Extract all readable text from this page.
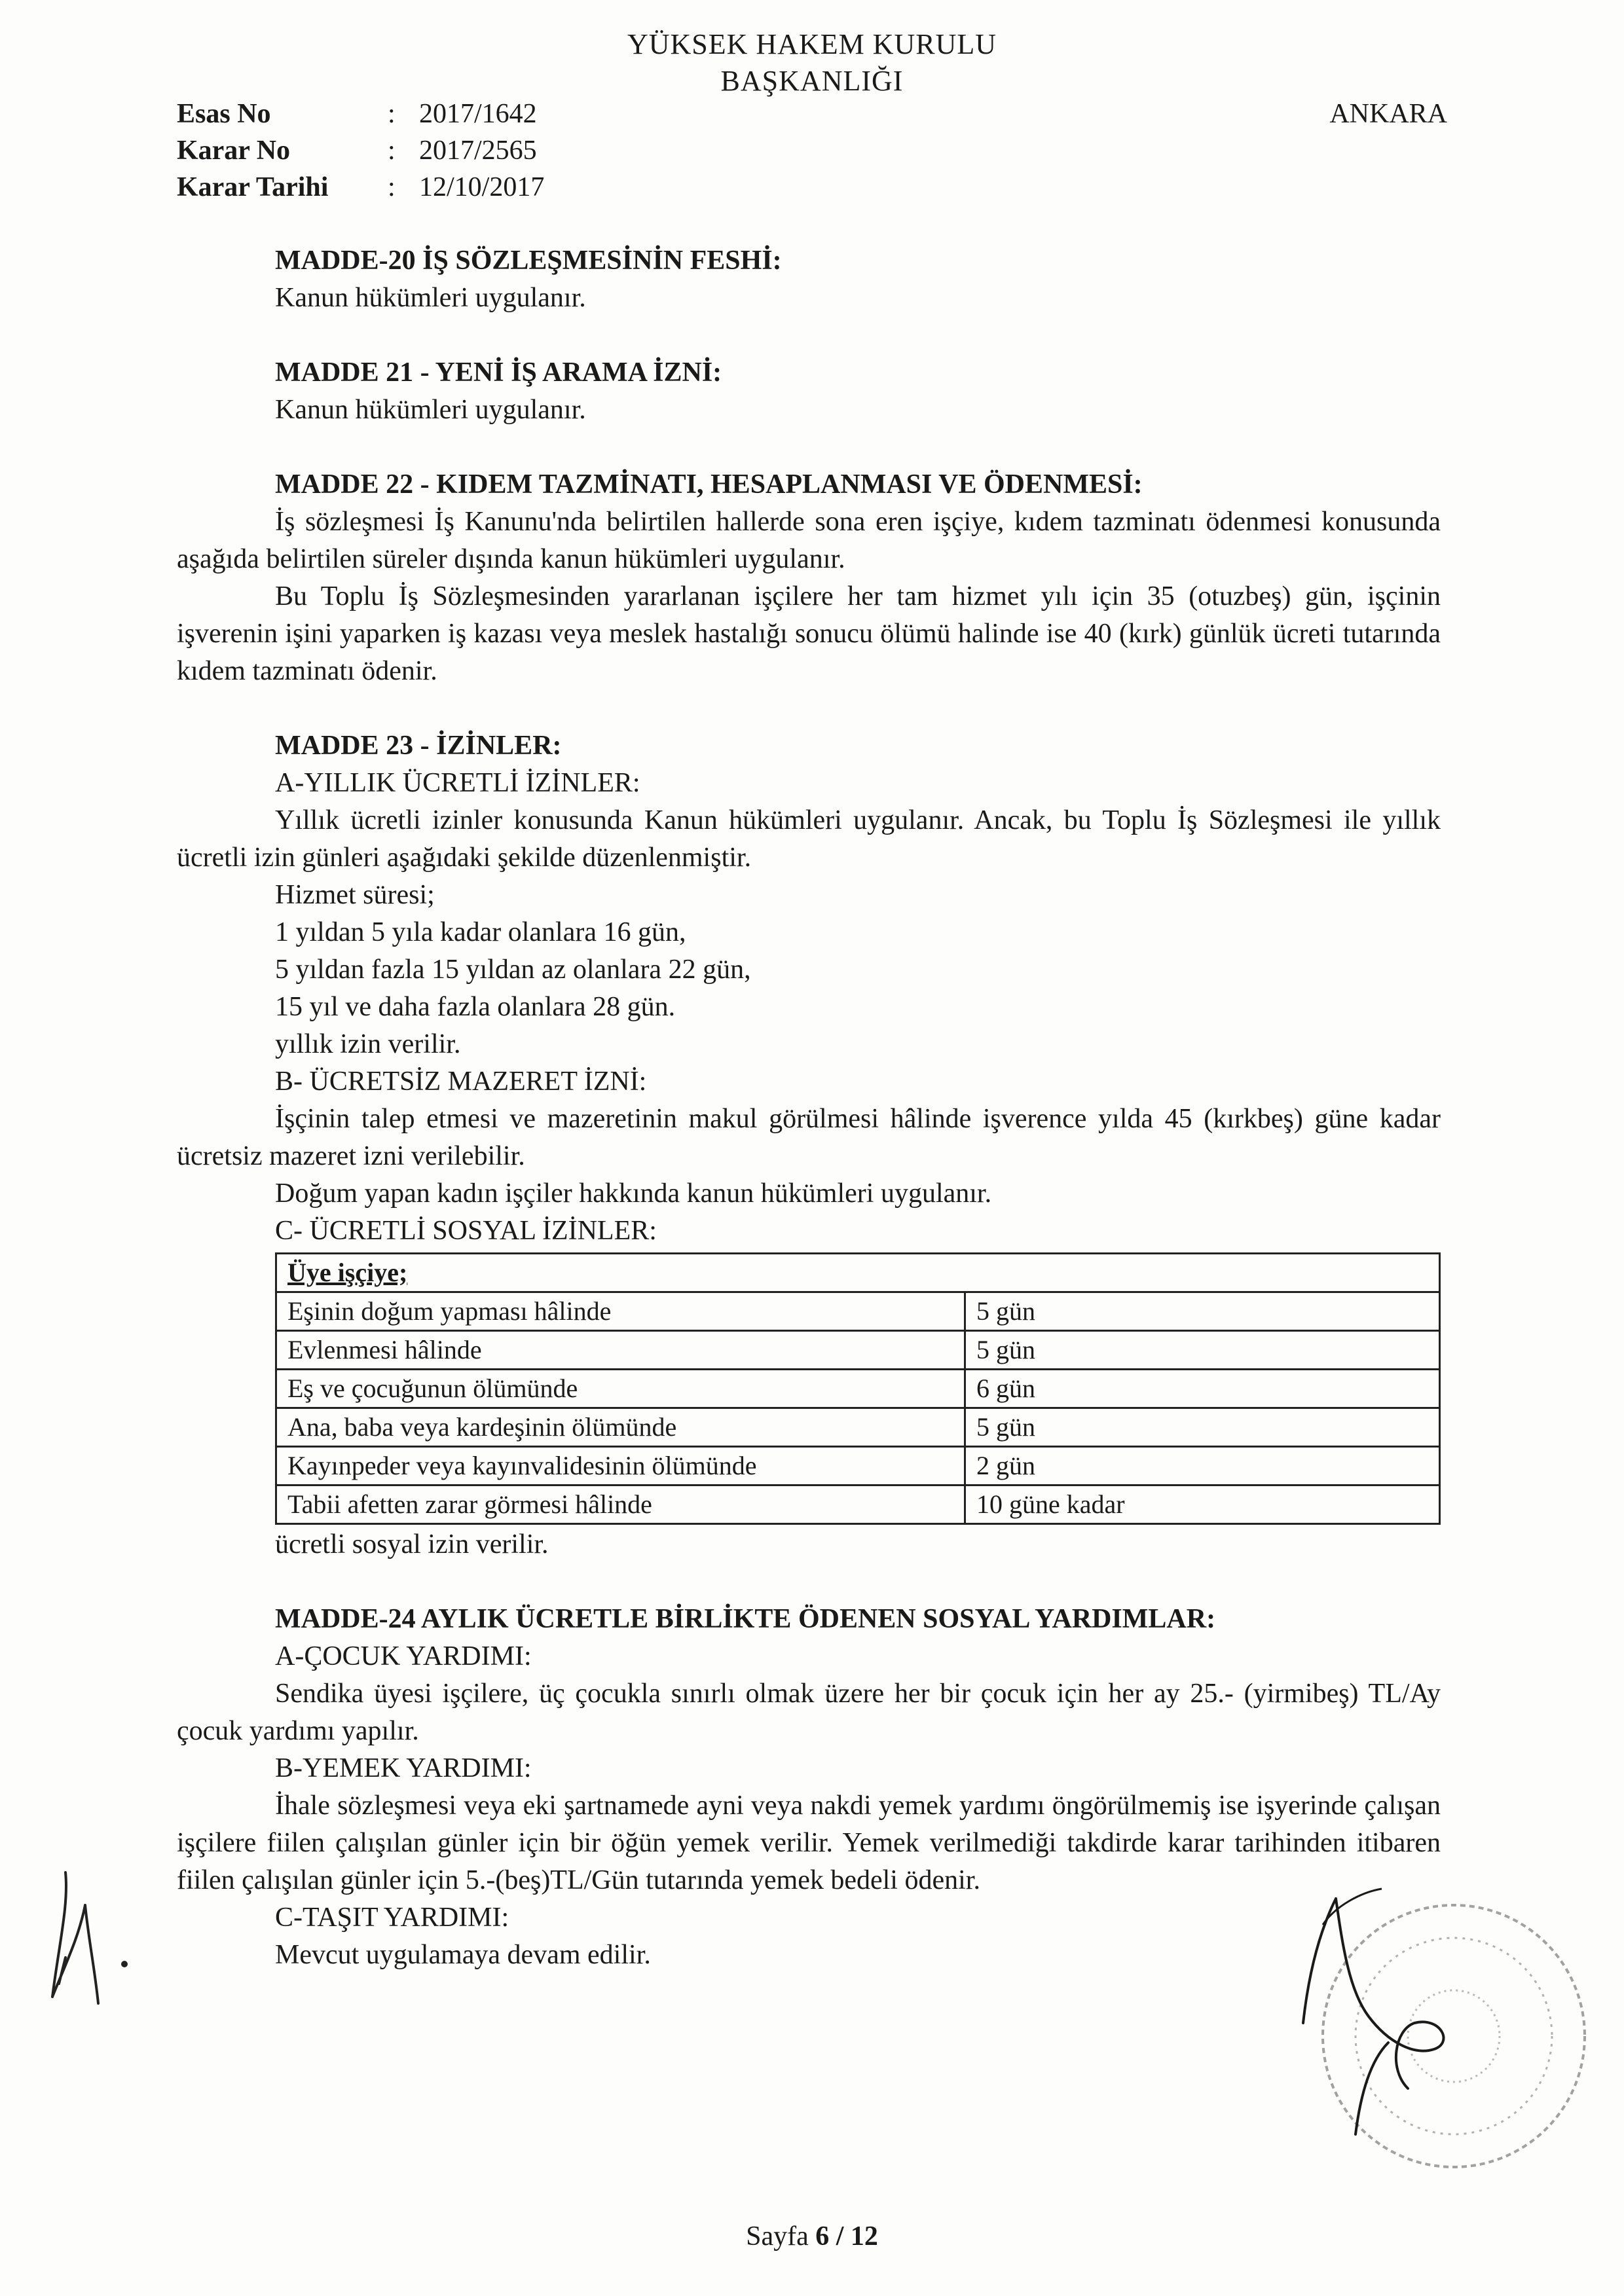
YÜKSEK HAKEM KURULU
BAŞKANLIĞI
Esas No	: 2017/1642
Karar No	: 2017/2565
Karar Tarihi	: 12/10/2017
ANKARA
MADDE-20 İŞ SÖZLEŞMESİNİN FESHİ:
Kanun hükümleri uygulanır.
MADDE 21 - YENİ İŞ ARAMA İZNİ:
Kanun hükümleri uygulanır.
MADDE 22 - KIDEM TAZMİNATI, HESAPLANMASI VE ÖDENMESİ:
İş sözleşmesi İş Kanunu'nda belirtilen hallerde sona eren işçiye, kıdem tazminatı ödenmesi konusunda aşağıda belirtilen süreler dışında kanun hükümleri uygulanır.
Bu Toplu İş Sözleşmesinden yararlanan işçilere her tam hizmet yılı için 35 (otuzbeş) gün, işçinin işverenin işini yaparken iş kazası veya meslek hastalığı sonucu ölümü halinde ise 40 (kırk) günlük ücreti tutarında kıdem tazminatı ödenir.
MADDE 23 - İZİNLER:
A-YILLIK ÜCRETLİ İZİNLER:
Yıllık ücretli izinler konusunda Kanun hükümleri uygulanır. Ancak, bu Toplu İş Sözleşmesi ile yıllık ücretli izin günleri aşağıdaki şekilde düzenlenmiştir.
Hizmet süresi;
1 yıldan 5 yıla kadar olanlara 16 gün,
5 yıldan fazla 15 yıldan az olanlara 22 gün,
15 yıl ve daha fazla olanlara 28 gün.
yıllık izin verilir.
B- ÜCRETSİZ MAZERET İZNİ:
İşçinin talep etmesi ve mazeretinin makul görülmesi hâlinde işverence yılda 45 (kırkbeş) güne kadar ücretsiz mazeret izni verilebilir.
Doğum yapan kadın işçiler hakkında kanun hükümleri uygulanır.
C- ÜCRETLİ SOSYAL İZİNLER:
Üye işçiye;	
Eşinin doğum yapması hâlinde	5 gün
Evlenmesi hâlinde	5 gün
Eş ve çocuğunun ölümünde	6 gün
Ana, baba veya kardeşinin ölümünde	5 gün
Kayınpeder veya kayınvalidesinin ölümünde	2 gün
Tabii afetten zarar görmesi hâlinde	10 güne kadar
ücretli sosyal izin verilir.
MADDE-24 AYLIK ÜCRETLE BİRLİKTE ÖDENEN SOSYAL YARDIMLAR:
A-ÇOCUK YARDIMI:
Sendika üyesi işçilere, üç çocukla sınırlı olmak üzere her bir çocuk için her ay 25.- (yirmibeş) TL/Ay çocuk yardımı yapılır.
B-YEMEK YARDIMI:
İhale sözleşmesi veya eki şartnamede ayni veya nakdi yemek yardımı öngörülmemiş ise işyerinde çalışan işçilere fiilen çalışılan günler için bir öğün yemek verilir. Yemek verilmediği takdirde karar tarihinden itibaren fiilen çalışılan günler için 5.-(beş)TL/Gün tutarında yemek bedeli ödenir.
C-TAŞIT YARDIMI:
Mevcut uygulamaya devam edilir.
Sayfa 6 / 12
